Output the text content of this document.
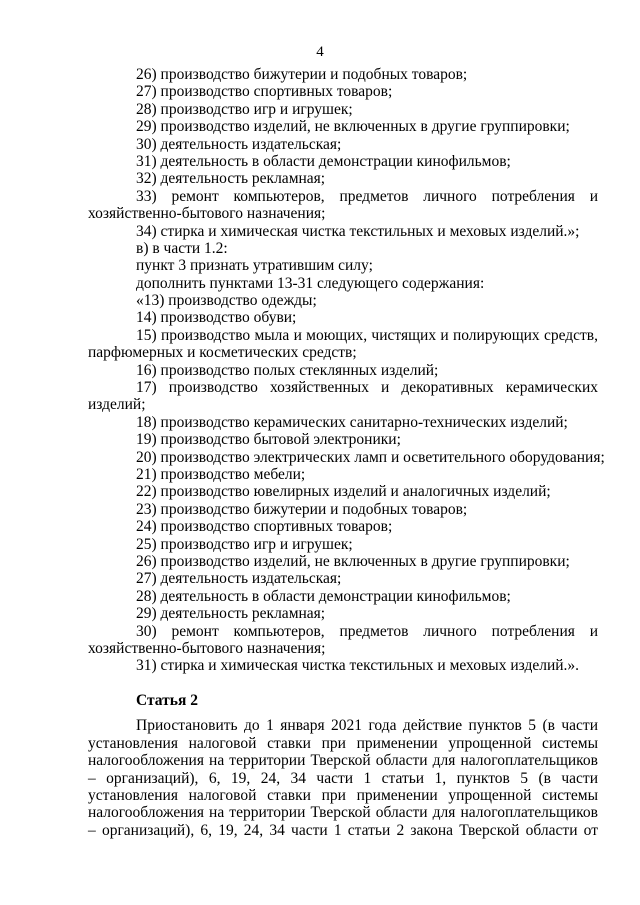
4
26) производство бижутерии и подобных товаров;
27) производство спортивных товаров;
28) производство игр и игрушек;
29) производство изделий, не включенных в другие группировки;
30) деятельность издательская;
31) деятельность в области демонстрации кинофильмов;
32) деятельность рекламная;
33) ремонт компьютеров, предметов личного потребления и
хозяйственно-бытового назначения;
34) стирка и химическая чистка текстильных и меховых изделий.»;
в) в части 1.2:
пункт 3 признать утратившим силу;
дополнить пунктами 13-31 следующего содержания:
«13) производство одежды;
14) производство обуви;
15) производство мыла и моющих, чистящих и полирующих средств,
парфюмерных и косметических средств;
16) производство полых стеклянных изделий;
17) производство хозяйственных и декоративных керамических
изделий;
18) производство керамических санитарно-технических изделий;
19) производство бытовой электроники;
20) производство электрических ламп и осветительного оборудования;
21) производство мебели;
22) производство ювелирных изделий и аналогичных изделий;
23) производство бижутерии и подобных товаров;
24) производство спортивных товаров;
25) производство игр и игрушек;
26) производство изделий, не включенных в другие группировки;
27) деятельность издательская;
28) деятельность в области демонстрации кинофильмов;
29) деятельность рекламная;
30) ремонт компьютеров, предметов личного потребления и
хозяйственно-бытового назначения;
31) стирка и химическая чистка текстильных и меховых изделий.».
Статья 2
Приостановить до 1 января 2021 года действие пунктов 5 (в части
установления налоговой ставки при применении упрощенной системы
налогообложения на территории Тверской области для налогоплательщиков
– организаций), 6, 19, 24, 34 части 1 статьи 1, пунктов 5 (в части
установления налоговой ставки при применении упрощенной системы
налогообложения на территории Тверской области для налогоплательщиков
– организаций), 6, 19, 24, 34 части 1 статьи 2 закона Тверской области от
